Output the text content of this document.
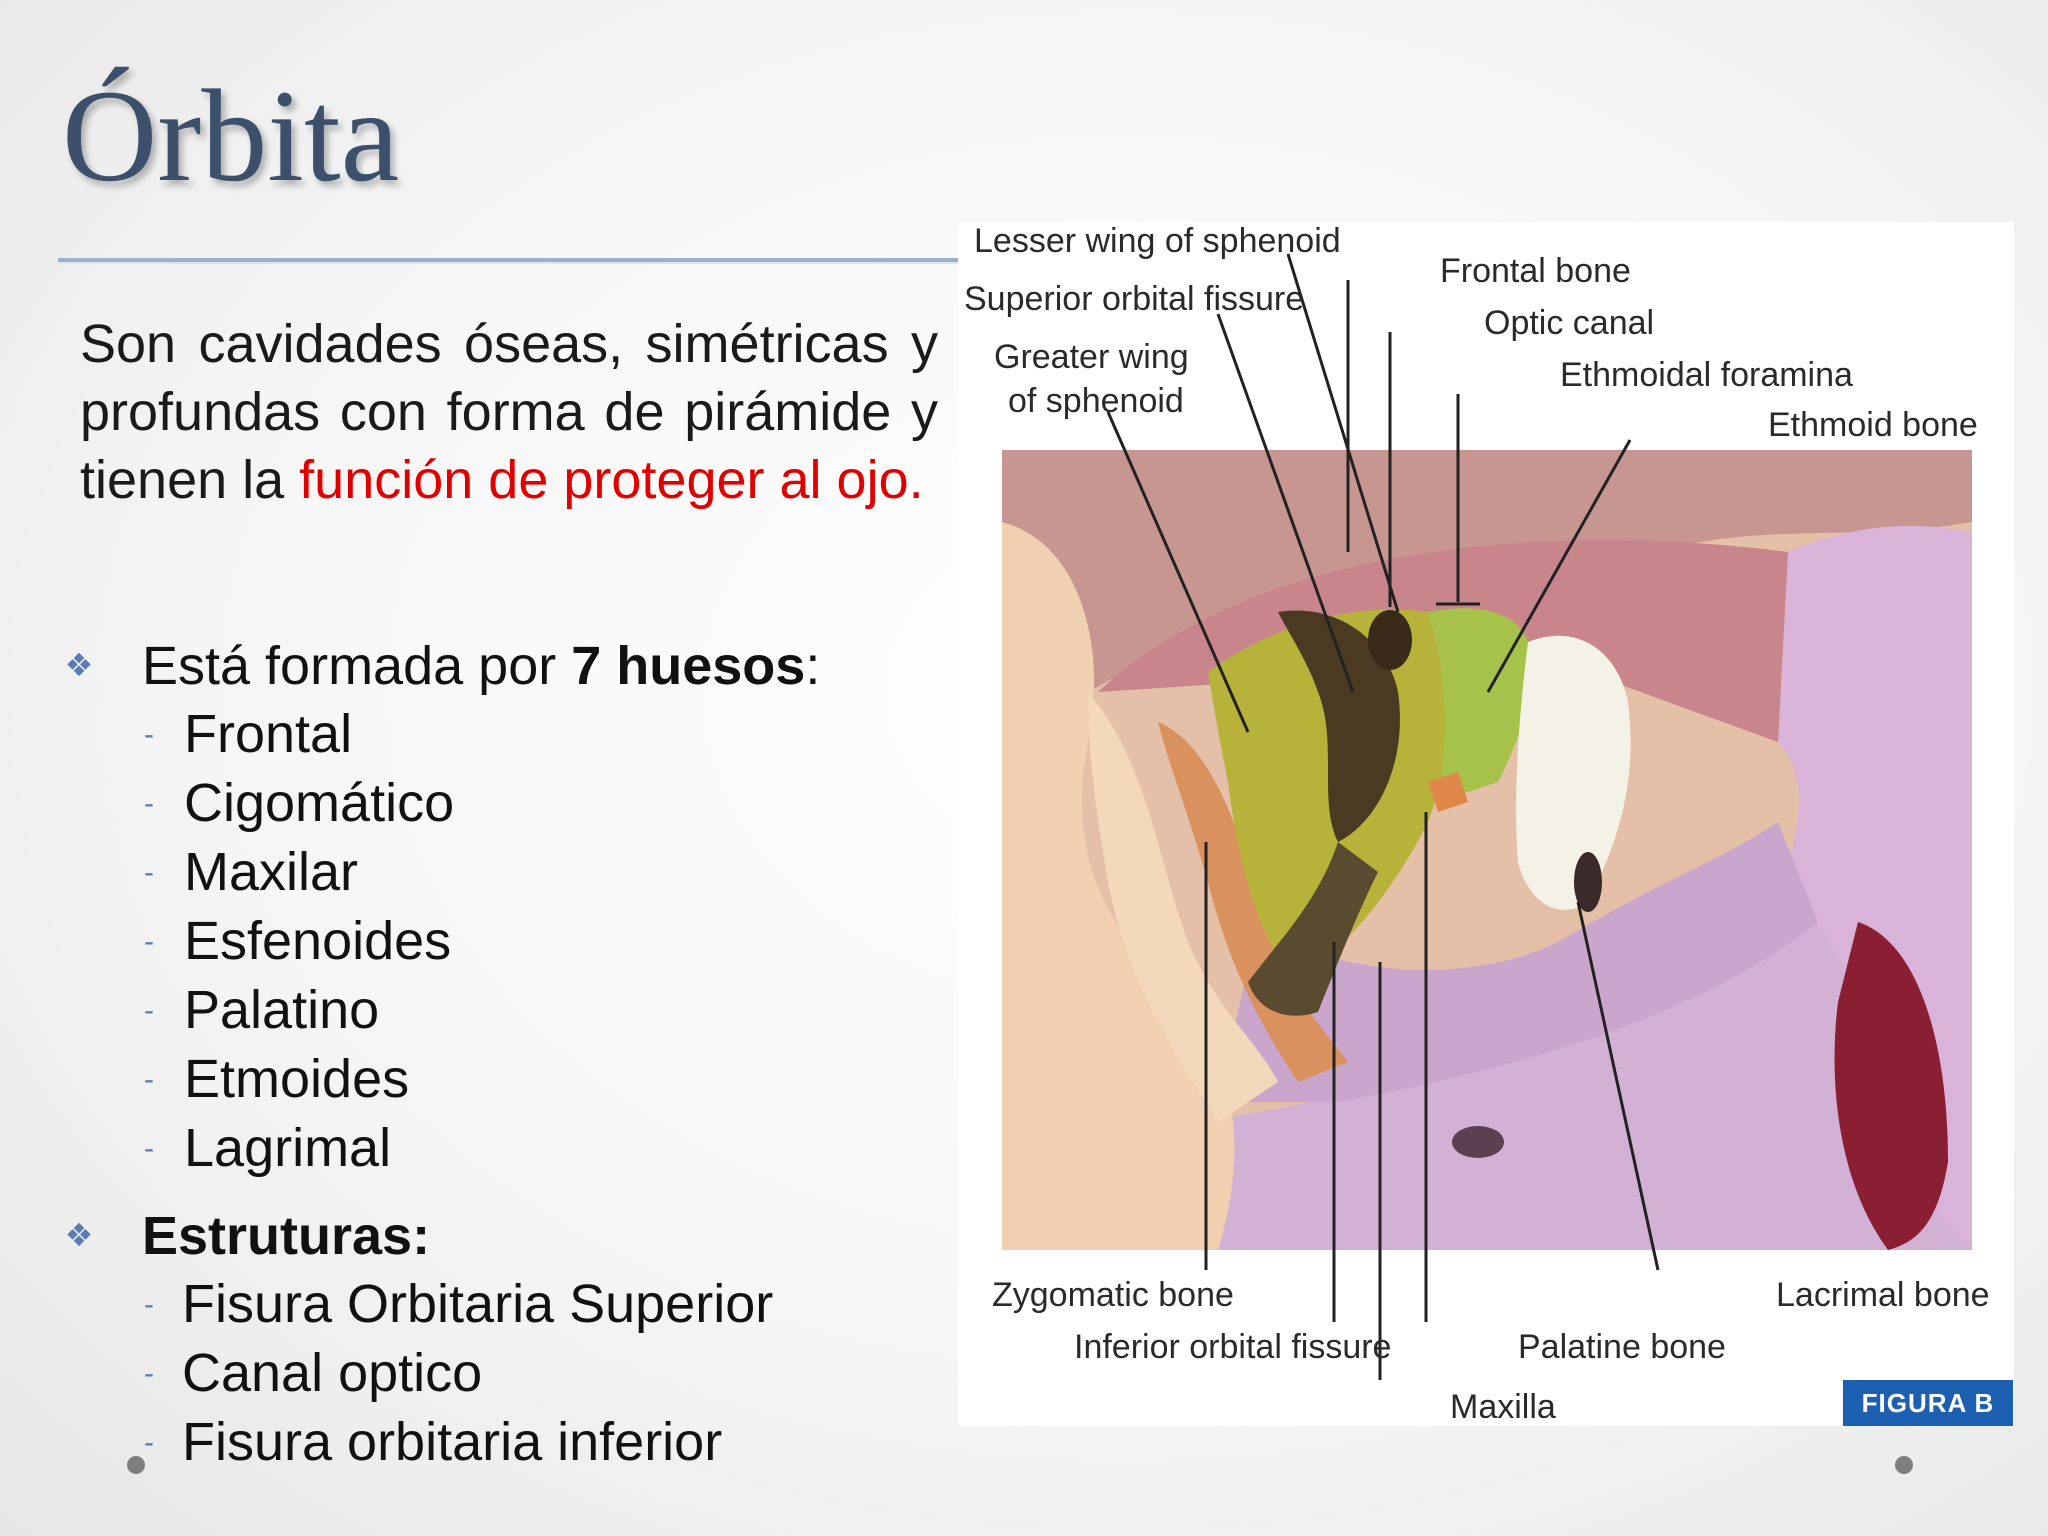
Órbita

Son cavidades óseas, simétricas y profundas con forma de pirámide y tienen la función de proteger al ojo.

❖ Está formada por 7 huesos:
- Frontal
- Cigomático
- Maxilar
- Esfenoides
- Palatino
- Etmoides
- Lagrimal
❖ Estruturas:
- Fisura Orbitaria Superior
- Canal optico
- Fisura orbitaria inferior
Lesser wing of sphenoid
Superior orbital fissure
Greater wing
of sphenoid
Frontal bone
Optic canal
Ethmoidal foramina
Ethmoid bone
Zygomatic bone
Inferior orbital fissure	Palatine bone
Maxilla
Lacrimal bone
FIGURA B
